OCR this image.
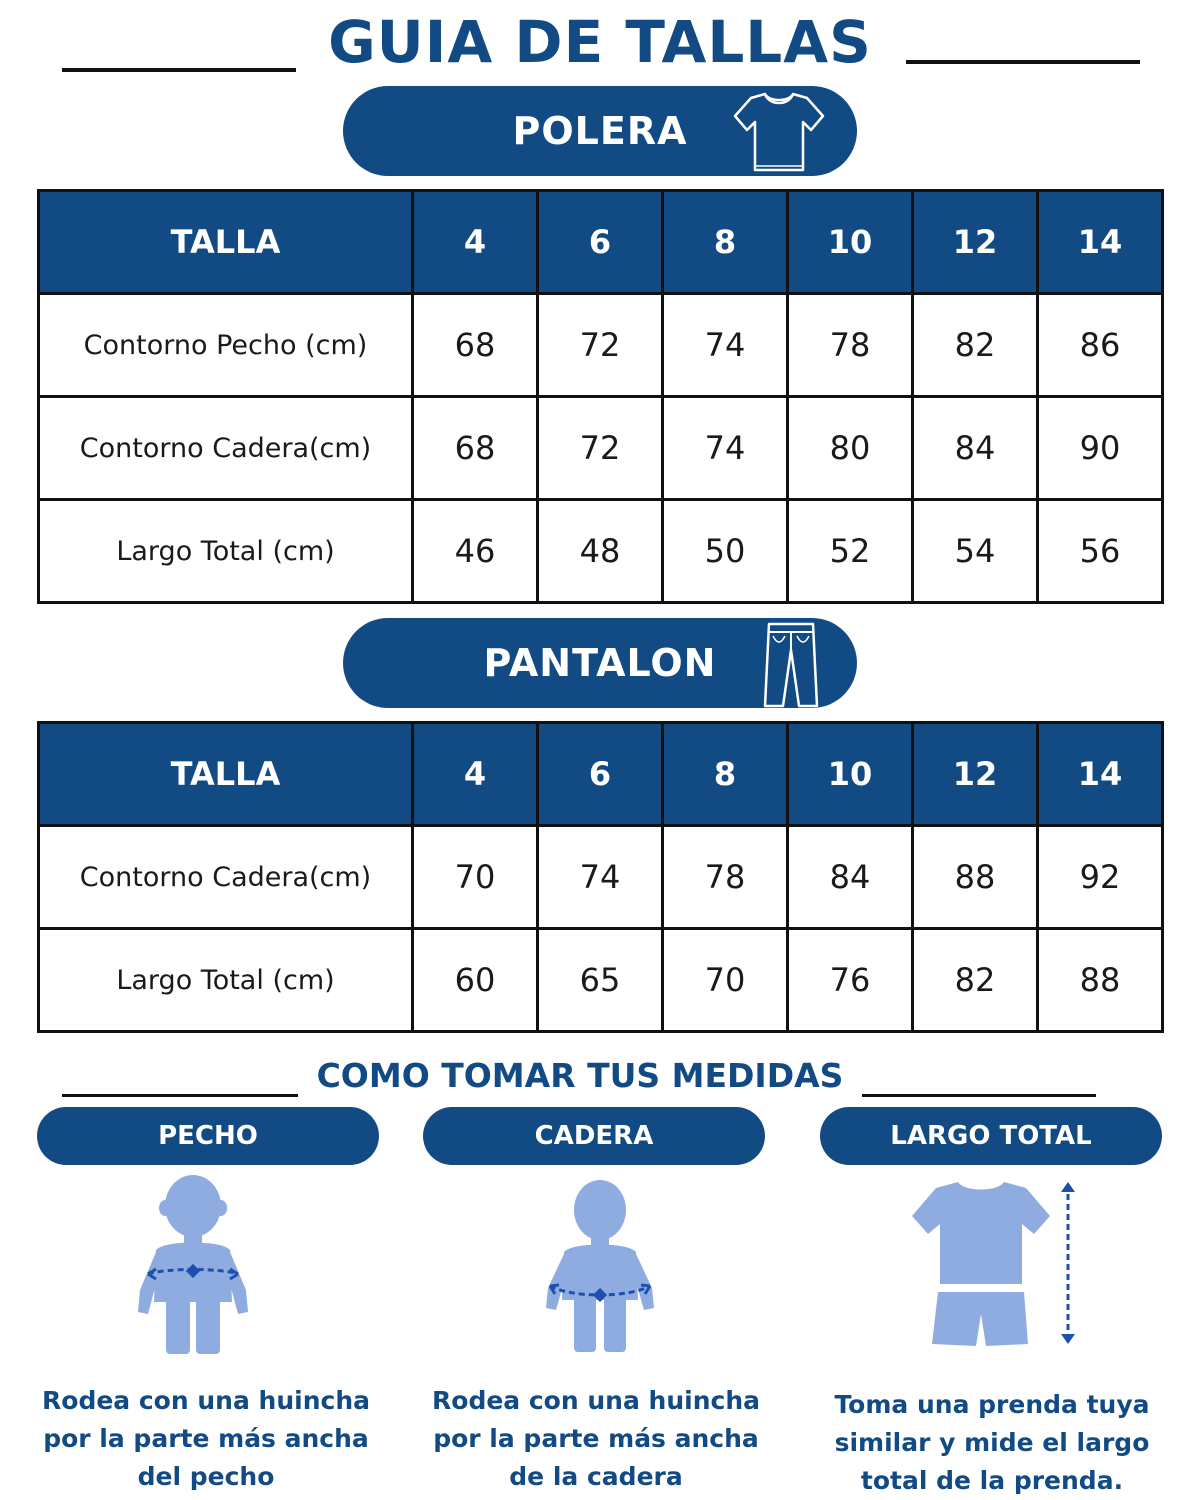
GUIA DE TALLAS
POLERA
TALLA	4	6	8	10	12	14
Contorno Pecho (cm)	68	72	74	78	82	86
Contorno Cadera(cm)	68	72	74	80	84	90
Largo Total (cm)	46	48	50	52	54	56
PANTALON
TALLA	4	6	8	10	12	14
Contorno Cadera(cm)	70	74	78	84	88	92
Largo Total (cm)	60	65	70	76	82	88
COMO TOMAR TUS MEDIDAS
PECHO	CADERA	LARGO TOTAL
Rodea con una huincha
por la parte más ancha
del pecho
Rodea con una huincha
por la parte más ancha
de la cadera
Toma una prenda tuya
similar y mide el largo
total de la prenda.
